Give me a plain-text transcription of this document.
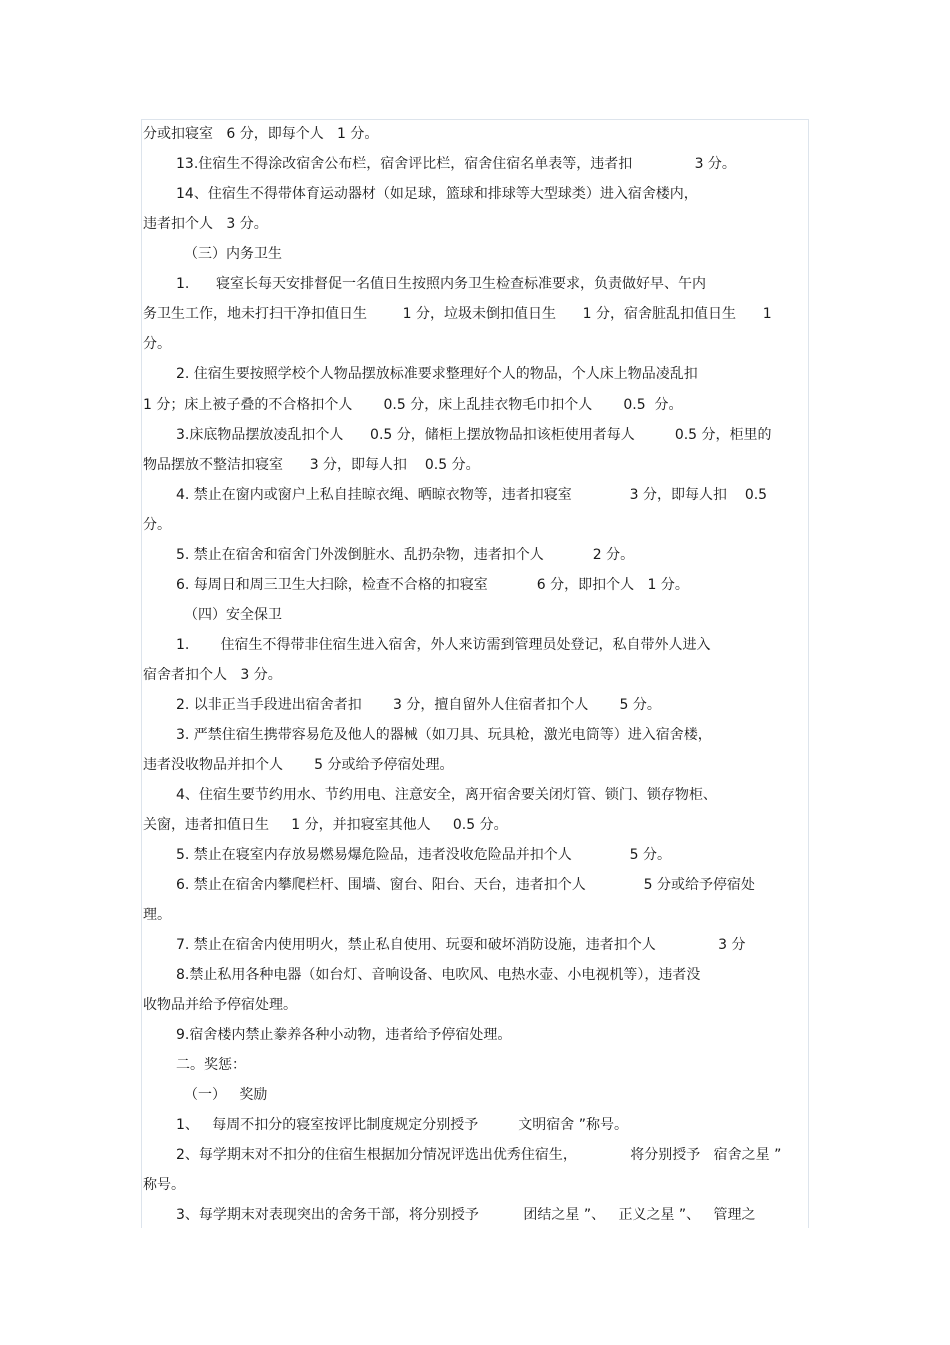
分或扣寝室   6 分，即每个人   1 分。
13.住宿生不得涂改宿舍公布栏，宿舍评比栏，宿舍住宿名单表等，违者扣              3 分。
14、住宿生不得带体育运动器材（如足球，篮球和排球等大型球类）进入宿舍楼内，
违者扣个人   3 分。
（三）内务卫生
1.      寝室长每天安排督促一名值日生按照内务卫生检查标准要求，负责做好早、午内
务卫生工作，地未打扫干净扣值日生        1 分，垃圾未倒扣值日生      1 分，宿舍脏乱扣值日生      1
分。
2. 住宿生要按照学校个人物品摆放标准要求整理好个人的物品，个人床上物品凌乱扣
1 分；床上被子叠的不合格扣个人       0.5 分，床上乱挂衣物毛巾扣个人       0.5  分。
3.床底物品摆放凌乱扣个人      0.5 分，储柜上摆放物品扣该柜使用者每人         0.5 分，柜里的
物品摆放不整洁扣寝室      3 分，即每人扣    0.5 分。
4. 禁止在窗内或窗户上私自挂晾衣绳、晒晾衣物等，违者扣寝室             3 分，即每人扣    0.5
分。
5. 禁止在宿舍和宿舍门外泼倒脏水、乱扔杂物，违者扣个人           2 分。
6. 每周日和周三卫生大扫除，检查不合格的扣寝室           6 分，即扣个人   1 分。
（四）安全保卫
1.       住宿生不得带非住宿生进入宿舍，外人来访需到管理员处登记，私自带外人进入
宿舍者扣个人   3 分。
2. 以非正当手段进出宿舍者扣       3 分，擅自留外人住宿者扣个人       5 分。
3. 严禁住宿生携带容易危及他人的器械（如刀具、玩具枪，激光电筒等）进入宿舍楼，
违者没收物品并扣个人       5 分或给予停宿处理。
4、住宿生要节约用水、节约用电、注意安全，离开宿舍要关闭灯管、锁门、锁存物柜、
关窗，违者扣值日生     1 分，并扣寝室其他人     0.5 分。
5. 禁止在寝室内存放易燃易爆危险品，违者没收危险品并扣个人             5 分。
6. 禁止在宿舍内攀爬栏杆、围墙、窗台、阳台、天台，违者扣个人             5 分或给予停宿处
理。
7. 禁止在宿舍内使用明火，禁止私自使用、玩耍和破坏消防设施，违者扣个人              3 分
8.禁止私用各种电器（如台灯、音响设备、电吹风、电热水壶、小电视机等），违者没
收物品并给予停宿处理。
9.宿舍楼内禁止豢养各种小动物，违者给予停宿处理。
二。奖惩：
（一）   奖励
1、   每周不扣分的寝室按评比制度规定分别授予         文明宿舍 ”称号。
2、每学期末对不扣分的住宿生根据加分情况评选出优秀住宿生，            将分别授予   宿舍之星 ”
称号。
3、每学期末对表现突出的舍务干部，将分别授予          团结之星 ”、   正义之星 ”、   管理之
